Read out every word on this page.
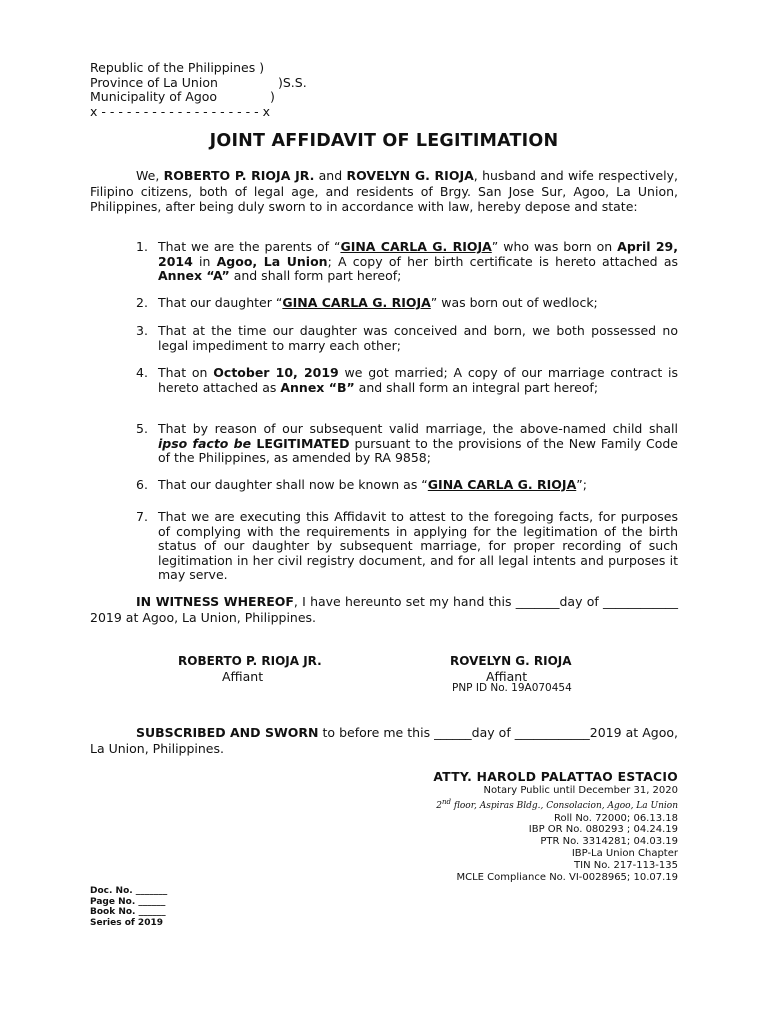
Republic of the Philippines )
Province of La Union	)S.S.
Municipality of Agoo	)
x - - - - - - - - - - - - - - - - - - - x
JOINT AFFIDAVIT OF LEGITIMATION
We, ROBERTO P. RIOJA JR. and ROVELYN G. RIOJA, husband and wife respectively, Filipino citizens, both of legal age, and residents of Brgy. San Jose Sur, Agoo, La Union, Philippines, after being duly sworn to in accordance with law, hereby depose and state:
1. That we are the parents of “GINA CARLA G. RIOJA” who was born on April 29, 2014 in Agoo, La Union; A copy of her birth certificate is hereto attached as Annex “A” and shall form part hereof;
2. That our daughter “GINA CARLA G. RIOJA” was born out of wedlock;
3. That at the time our daughter was conceived and born, we both possessed no legal impediment to marry each other;
4. That on October 10, 2019 we got married; A copy of our marriage contract is hereto attached as Annex “B” and shall form an integral part hereof;
5. That by reason of our subsequent valid marriage, the above-named child shall ipso facto be LEGITIMATED pursuant to the provisions of the New Family Code of the Philippines, as amended by RA 9858;
6. That our daughter shall now be known as “GINA CARLA G. RIOJA”;
7. That we are executing this Affidavit to attest to the foregoing facts, for purposes of complying with the requirements in applying for the legitimation of the birth status of our daughter by subsequent marriage, for proper recording of such legitimation in her civil registry document, and for all legal intents and purposes it may serve.
IN WITNESS WHEREOF, I have hereunto set my hand this _______day of ____________ 2019 at Agoo, La Union, Philippines.
ROBERTO P. RIOJA JR.
Affiant
ROVELYN G. RIOJA
Affiant
PNP ID No. 19A070454
SUBSCRIBED AND SWORN to before me this ______day of ____________2019 at Agoo, La Union, Philippines.
ATTY. HAROLD PALATTAO ESTACIO
Notary Public until December 31, 2020
2nd floor, Aspiras Bldg., Consolacion, Agoo, La Union
Roll No. 72000; 06.13.18
IBP OR No. 080293 ; 04.24.19
PTR No. 3314281; 04.03.19
IBP-La Union Chapter
TIN No. 217-113-135
MCLE Compliance No. VI-0028965; 10.07.19
Doc. No. _______
Page No. ______
Book No. ______
Series of 2019
